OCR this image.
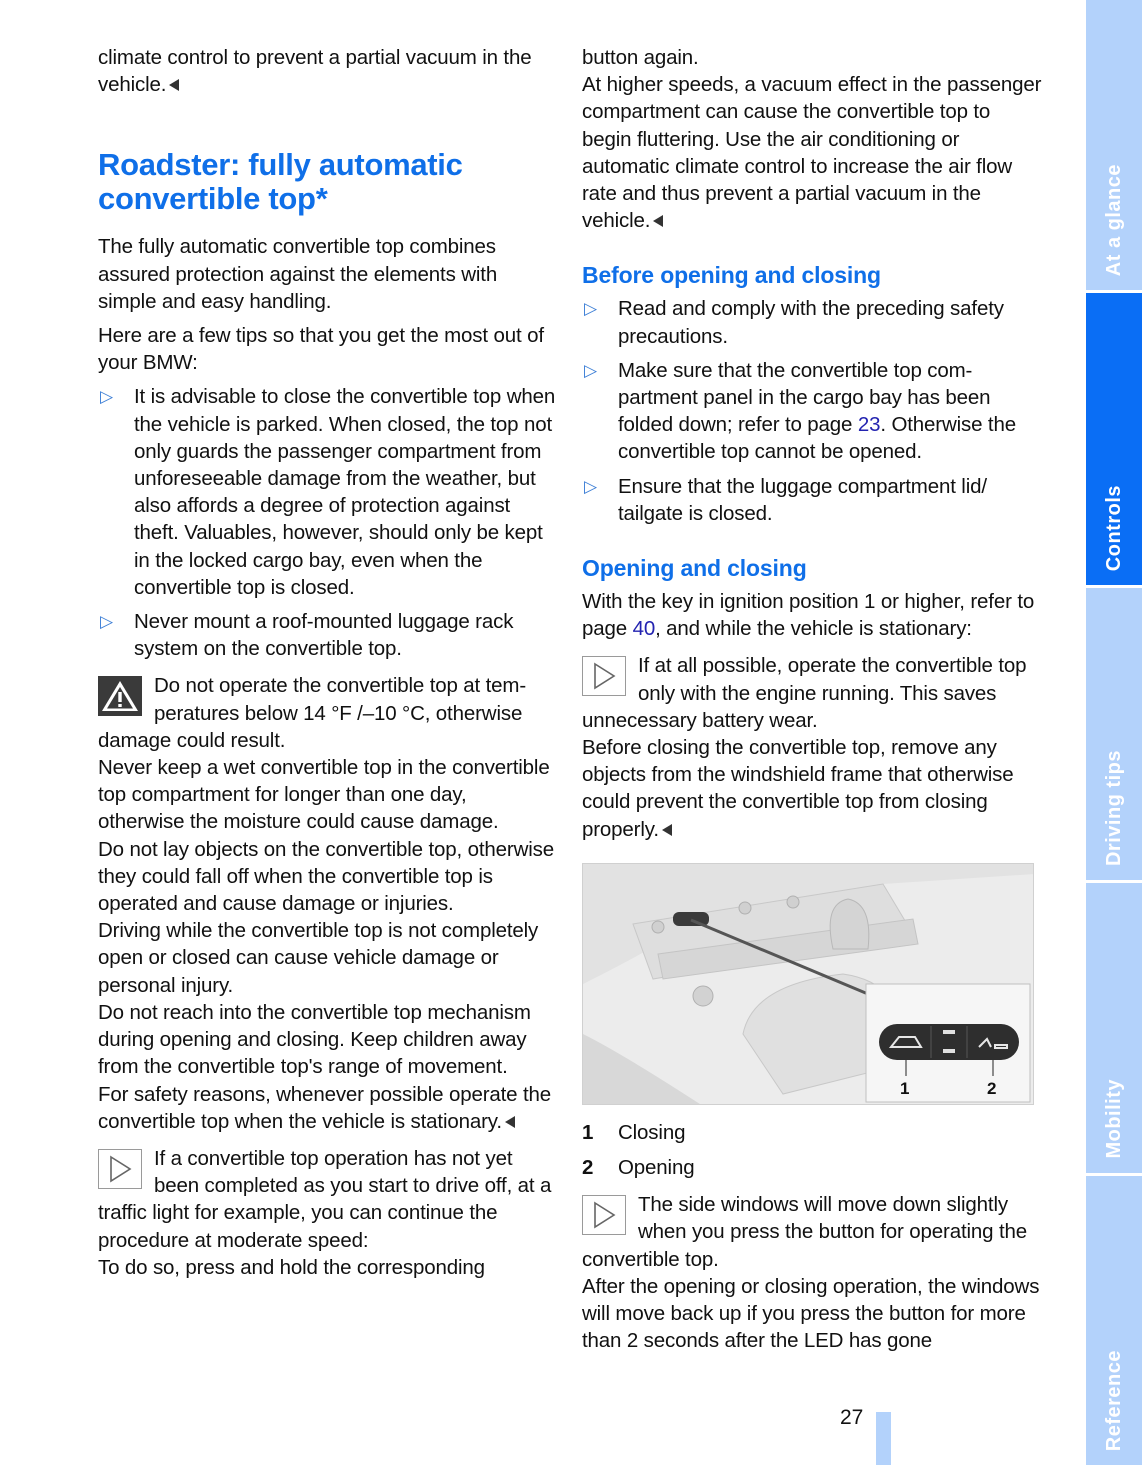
climate control to prevent a partial vacuum in the vehicle.

Roadster: fully automatic convertible top*

The fully automatic convertible top combines assured protection against the elements with simple and easy handling.

Here are a few tips so that you get the most out of your BMW:

▷ It is advisable to close the convertible top when the vehicle is parked. When closed, the top not only guards the passenger compartment from unforeseeable damage from the weather, but also affords a degree of protection against theft. Valuables, however, should only be kept in the locked cargo bay, even when the convertible top is closed.
▷ Never mount a roof-mounted luggage rack system on the convertible top.

Do not operate the convertible top at temperatures below 14 °F /–10 °C, otherwise damage could result.

Never keep a wet convertible top in the convertible top compartment for longer than one day, otherwise the moisture could cause damage.

Do not lay objects on the convertible top, otherwise they could fall off when the convertible top is operated and cause damage or injuries.

Driving while the convertible top is not completely open or closed can cause vehicle damage or personal injury.

Do not reach into the convertible top mechanism during opening and closing. Keep children away from the convertible top's range of movement.

For safety reasons, whenever possible operate the convertible top when the vehicle is stationary.

If a convertible top operation has not yet been completed as you start to drive off, at a traffic light for example, you can continue the procedure at moderate speed:

To do so, press and hold the corresponding

button again.

At higher speeds, a vacuum effect in the passenger compartment can cause the convertible top to begin fluttering. Use the air conditioning or automatic climate control to increase the air flow rate and thus prevent a partial vacuum in the vehicle.

Before opening and closing
▷ Read and comply with the preceding safety precautions.
▷ Make sure that the convertible top compartment panel in the cargo bay has been folded down; refer to page 23. Otherwise the convertible top cannot be opened.
▷ Ensure that the luggage compartment lid/ tailgate is closed.
Opening and closing

With the key in ignition position 1 or higher, refer to page 40, and while the vehicle is stationary:

If at all possible, operate the convertible top only with the engine running. This saves unnecessary battery wear.

Before closing the convertible top, remove any objects from the windshield frame that otherwise could prevent the convertible top from closing properly.

1	2
1	Closing
2	Opening

The side windows will move down slightly when you press the button for operating the convertible top.

After the opening or closing operation, the windows will move back up if you press the button for more than 2 seconds after the LED has gone

At a glance
Controls
Driving tips
Mobility
Reference
27
